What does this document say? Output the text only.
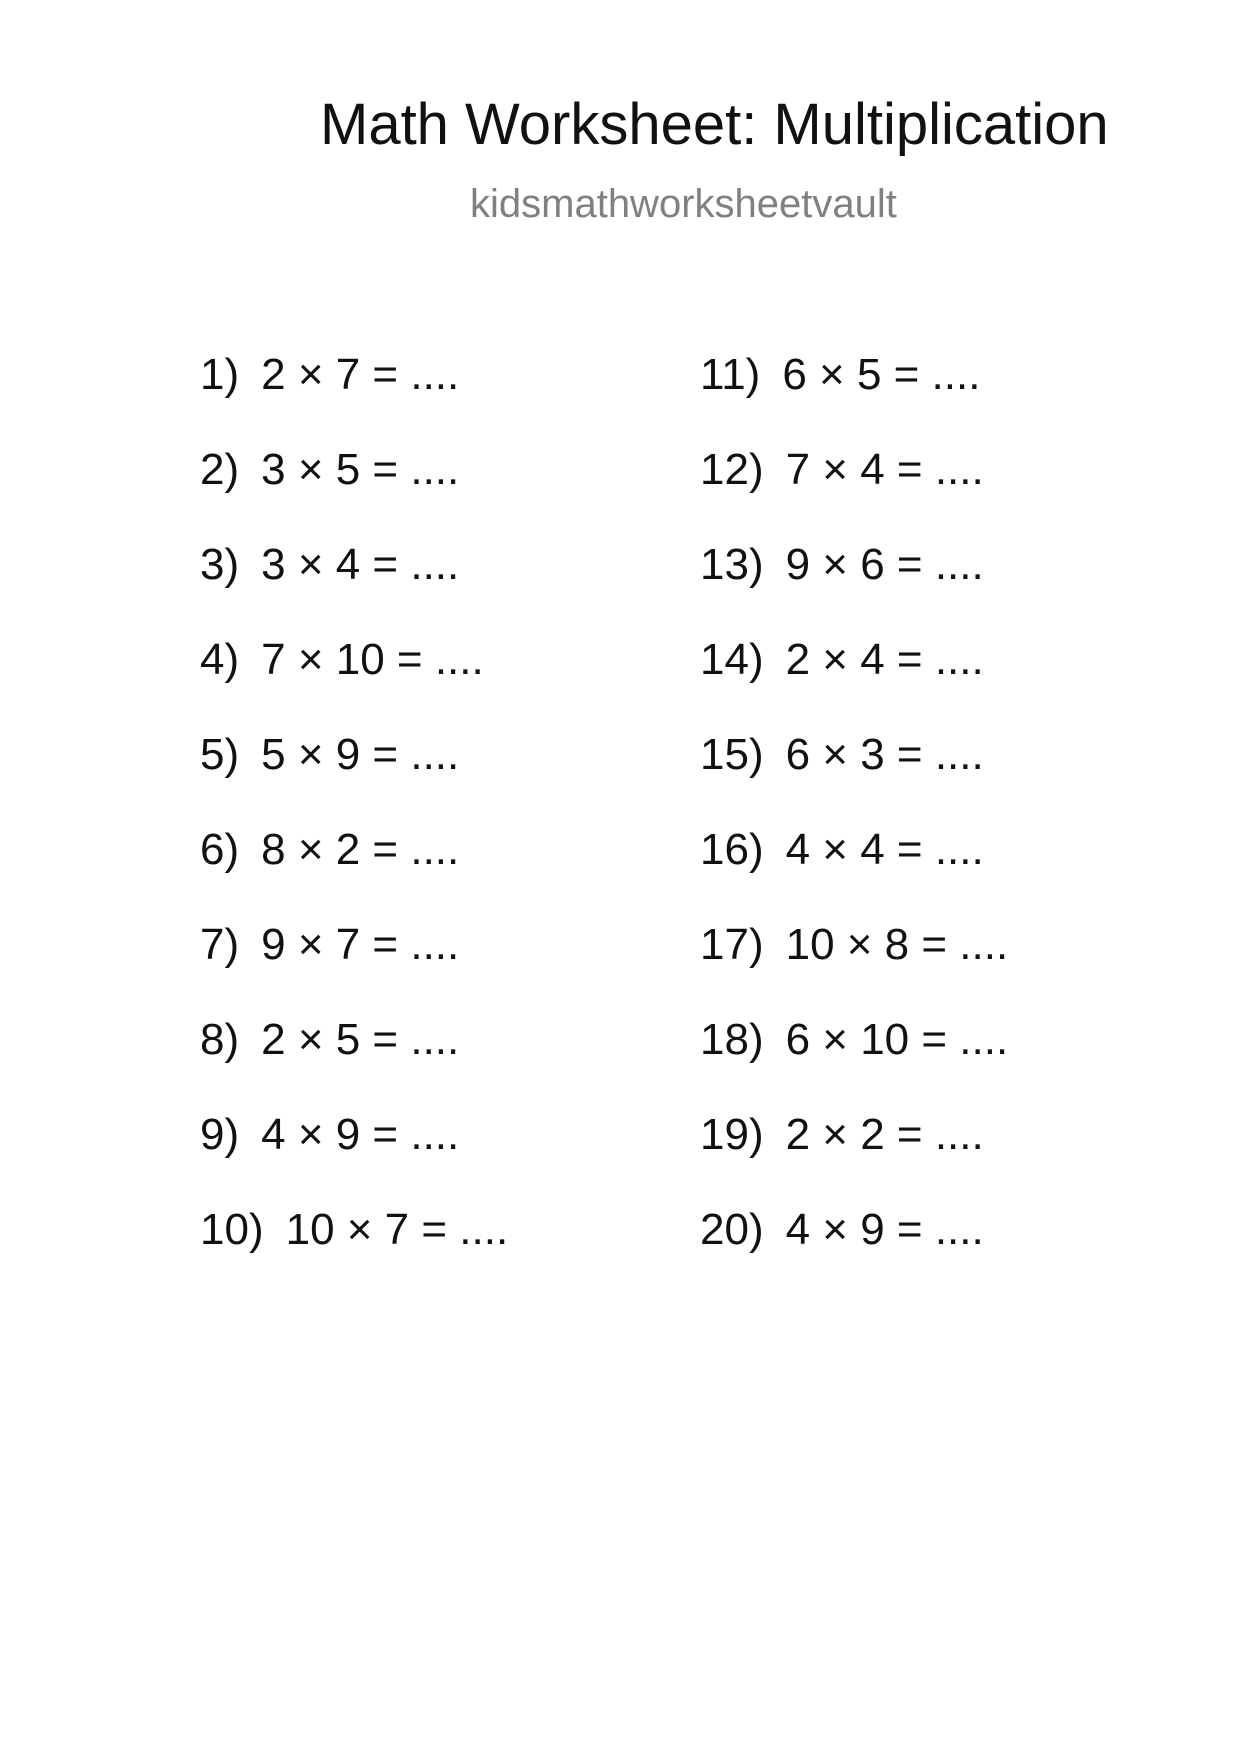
Math Worksheet: Multiplication
kidsmathworksheetvault
1) 2 × 7 = ....
2) 3 × 5 = ....
3) 3 × 4 = ....
4) 7 × 10 = ....
5) 5 × 9 = ....
6) 8 × 2 = ....
7) 9 × 7 = ....
8) 2 × 5 = ....
9) 4 × 9 = ....
10) 10 × 7 = ....
11) 6 × 5 = ....
12) 7 × 4 = ....
13) 9 × 6 = ....
14) 2 × 4 = ....
15) 6 × 3 = ....
16) 4 × 4 = ....
17) 10 × 8 = ....
18) 6 × 10 = ....
19) 2 × 2 = ....
20) 4 × 9 = ....
